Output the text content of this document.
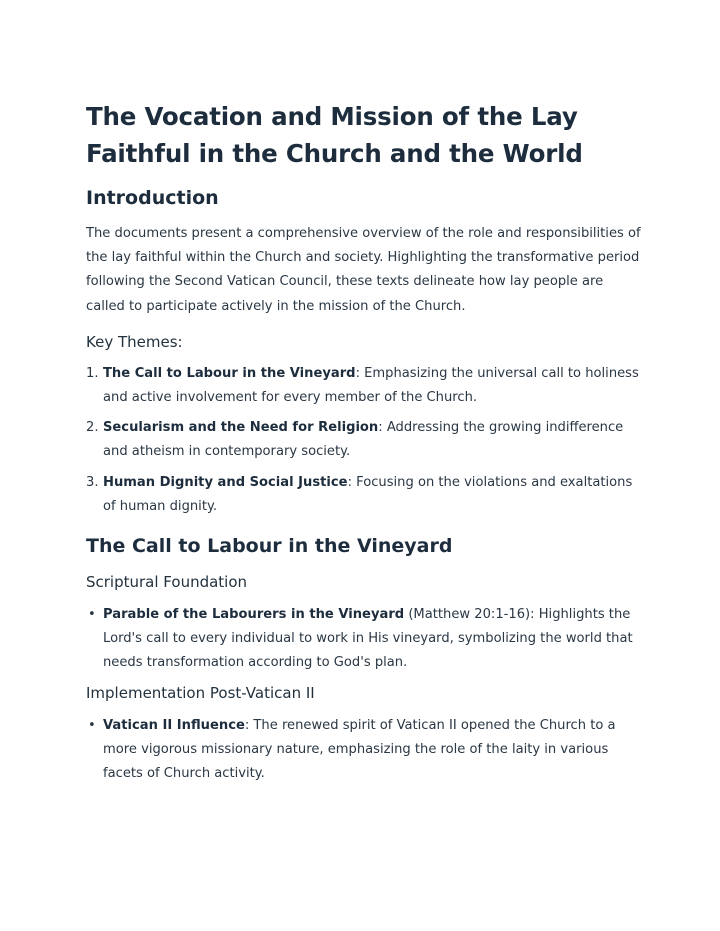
The Vocation and Mission of the Lay Faithful in the Church and the World
Introduction

The documents present a comprehensive overview of the role and responsibilities of the lay faithful within the Church and society. Highlighting the transformative period following the Second Vatican Council, these texts delineate how lay people are called to participate actively in the mission of the Church.

Key Themes:
1. The Call to Labour in the Vineyard: Emphasizing the universal call to holiness and active involvement for every member of the Church.
2. Secularism and the Need for Religion: Addressing the growing indifference and atheism in contemporary society.
3. Human Dignity and Social Justice: Focusing on the violations and exaltations of human dignity.
The Call to Labour in the Vineyard
Scriptural Foundation
• Parable of the Labourers in the Vineyard (Matthew 20:1-16): Highlights the Lord's call to every individual to work in His vineyard, symbolizing the world that needs transformation according to God's plan.
Implementation Post-Vatican II
• Vatican II Influence: The renewed spirit of Vatican II opened the Church to a more vigorous missionary nature, emphasizing the role of the laity in various facets of Church activity.
